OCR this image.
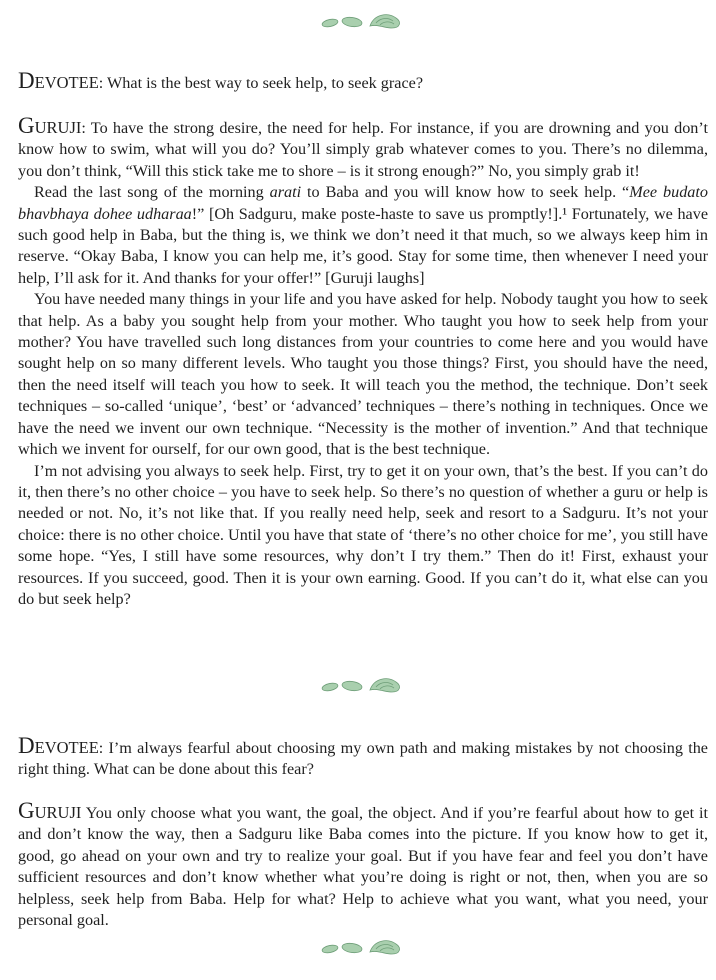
DEVOTEE: What is the best way to seek help, to seek grace?

GURUJI: To have the strong desire, the need for help. For instance, if you are drowning and you don’t know how to swim, what will you do? You’ll simply grab whatever comes to you. There’s no dilemma, you don’t think, “Will this stick take me to shore – is it strong enough?” No, you simply grab it!

Read the last song of the morning arati to Baba and you will know how to seek help. “Mee budato bhavbhaya dohee udharaa!” [Oh Sadguru, make poste-haste to save us promptly!].¹ Fortunately, we have such good help in Baba, but the thing is, we think we don’t need it that much, so we always keep him in reserve. “Okay Baba, I know you can help me, it’s good. Stay for some time, then whenever I need your help, I’ll ask for it. And thanks for your offer!” [Guruji laughs]

You have needed many things in your life and you have asked for help. Nobody taught you how to seek that help. As a baby you sought help from your mother. Who taught you how to seek help from your mother? You have travelled such long distances from your countries to come here and you would have sought help on so many different levels. Who taught you those things? First, you should have the need, then the need itself will teach you how to seek. It will teach you the method, the technique. Don’t seek techniques – so-called ‘unique’, ‘best’ or ‘advanced’ techniques – there’s nothing in techniques. Once we have the need we invent our own technique. “Necessity is the mother of invention.” And that technique which we invent for ourself, for our own good, that is the best technique.

I’m not advising you always to seek help. First, try to get it on your own, that’s the best. If you can’t do it, then there’s no other choice – you have to seek help. So there’s no question of whether a guru or help is needed or not. No, it’s not like that. If you really need help, seek and resort to a Sadguru. It’s not your choice: there is no other choice. Until you have that state of ‘there’s no other choice for me’, you still have some hope. “Yes, I still have some resources, why don’t I try them.” Then do it! First, exhaust your resources. If you succeed, good. Then it is your own earning. Good. If you can’t do it, what else can you do but seek help?

DEVOTEE: I’m always fearful about choosing my own path and making mistakes by not choosing the right thing. What can be done about this fear?

GURUJI You only choose what you want, the goal, the object. And if you’re fearful about how to get it and don’t know the way, then a Sadguru like Baba comes into the picture. If you know how to get it, good, go ahead on your own and try to realize your goal. But if you have fear and feel you don’t have sufficient resources and don’t know whether what you’re doing is right or not, then, when you are so helpless, seek help from Baba. Help for what? Help to achieve what you want, what you need, your personal goal.
